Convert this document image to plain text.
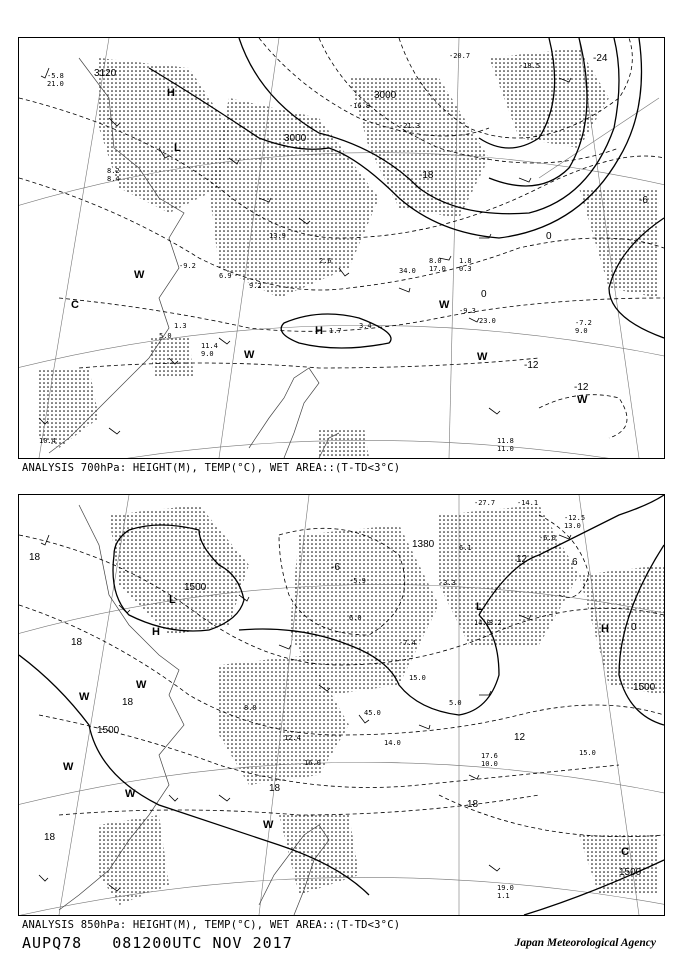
-5.8
21.0
-16.8
-21.3
-20.7
-18.5
8.2
8.4
-9.3
23.0	-7.2
9.0
11.8
11.0
-9.2
6.9
13.9
5.0
1.3
11.4
9.0
9.2
2.6
10.4
1.8
0.3
34.0
8.0
17.0
3.4
1.7
3120
3000
3000
-24
-6
-12
-18
0
0
-12
H
L
H
C
W
W	W
W
W
ANALYSIS 700hPa: HEIGHT(M), TEMP(°C), WET AREA::(T-TD<3°C)
-14.1
-27.7
-6.0
6.1
-12.5
13.0
14.0
-7.4
15.0
-3.3
3.2
15.0
17.6
10.0
19.0
1.1
14.0
8.0
12.4
6.0
45.0
16.0
5.0
-5.9
1500
1500
1500
1500
1380
18
18
18
18
18
0
-6
12
18
12	6
L
H	H
L
W
W
W
W
W
C
ANALYSIS 850hPa: HEIGHT(M), TEMP(°C), WET AREA::(T-TD<3°C)
AUPQ78 081200UTC NOV 2017	Japan Meteorological Agency
